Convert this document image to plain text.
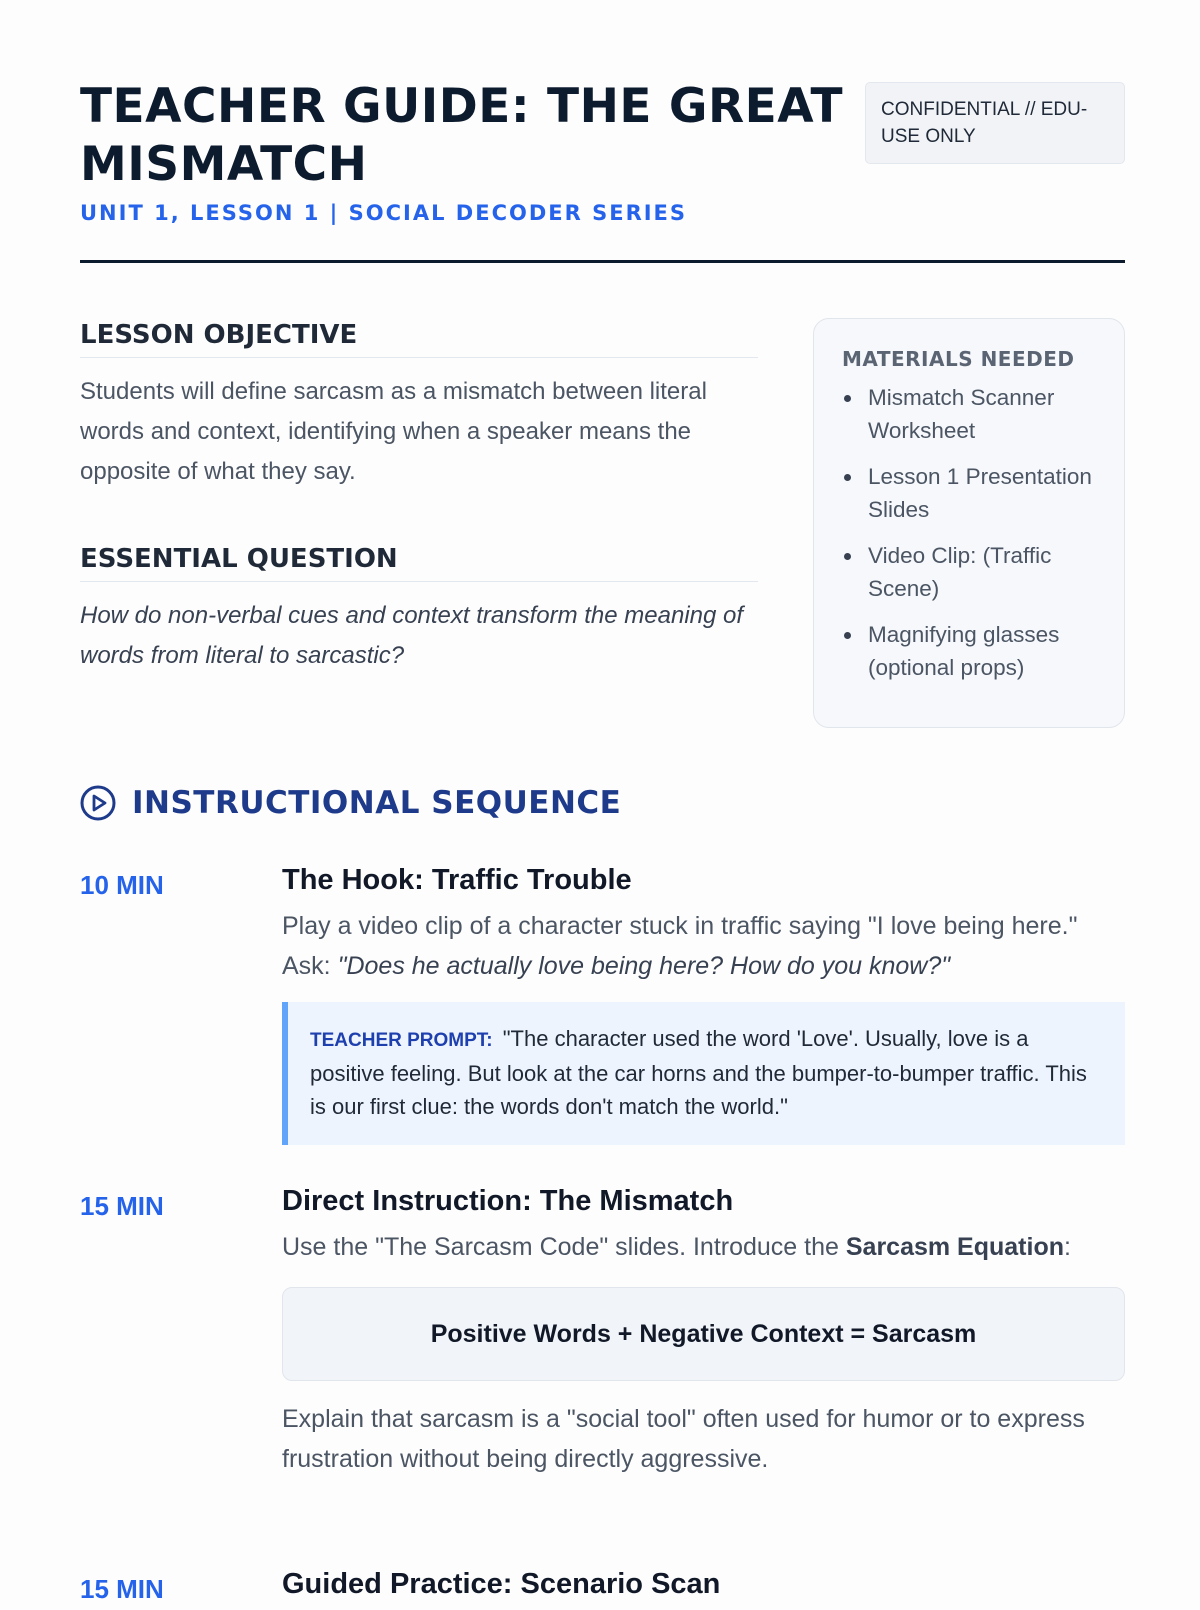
TEACHER GUIDE: THE GREAT MISMATCH
CONFIDENTIAL // EDU-USE ONLY
UNIT 1, LESSON 1 | SOCIAL DECODER SERIES
LESSON OBJECTIVE
Students will define sarcasm as a mismatch between literal words and context, identifying when a speaker means the opposite of what they say.
ESSENTIAL QUESTION
How do non-verbal cues and context transform the meaning of words from literal to sarcastic?
MATERIALS NEEDED
Mismatch Scanner Worksheet
Lesson 1 Presentation Slides
Video Clip: (Traffic Scene)
Magnifying glasses (optional props)
INSTRUCTIONAL SEQUENCE
10 MIN	The Hook: Traffic Trouble
Play a video clip of a character stuck in traffic saying "I love being here." Ask: "Does he actually love being here? How do you know?"
TEACHER PROMPT: "The character used the word 'Love'. Usually, love is a positive feeling. But look at the car horns and the bumper-to-bumper traffic. This is our first clue: the words don't match the world."
15 MIN	Direct Instruction: The Mismatch
Use the "The Sarcasm Code" slides. Introduce the Sarcasm Equation:
Positive Words + Negative Context = Sarcasm
Explain that sarcasm is a "social tool" often used for humor or to express frustration without being directly aggressive.
15 MIN	Guided Practice: Scenario Scan
